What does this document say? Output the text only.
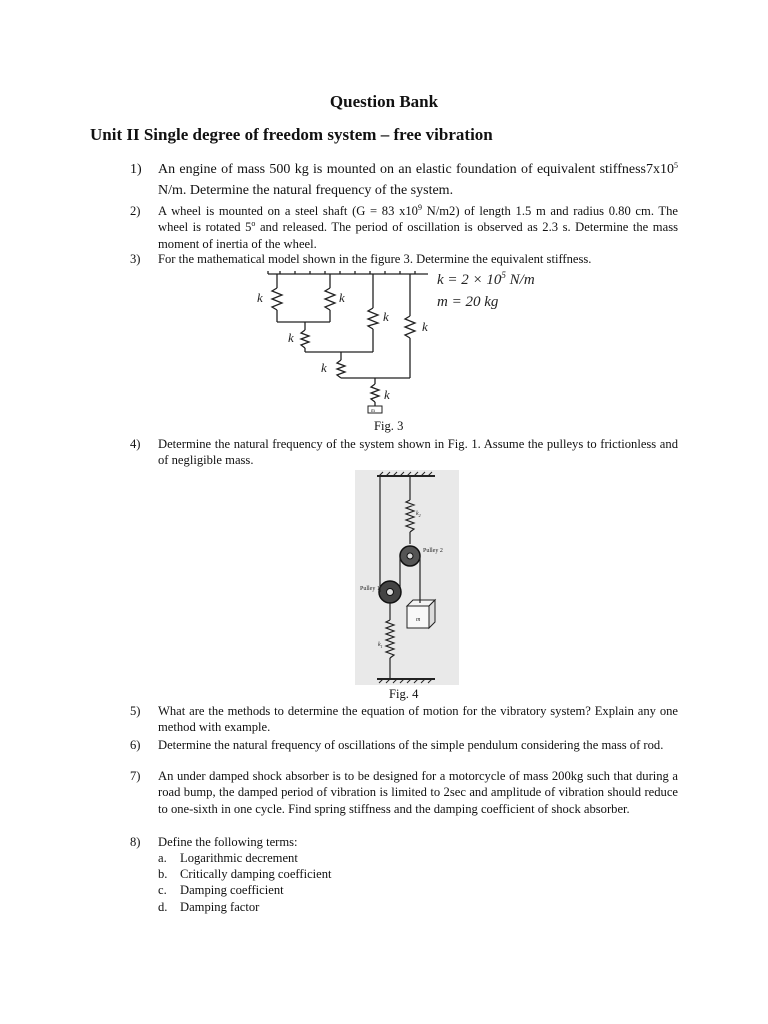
Question Bank
Unit II Single degree of freedom system – free vibration
1) An engine of mass 500 kg is mounted on an elastic foundation of equivalent $stiffness7x10^5$ N/m. Determine the natural frequency of the system.
2) A wheel is mounted on a steel shaft (G = 83 $x10^9$ N/m2) of length 1.5 m and radius 0.80 cm. The wheel is rotated 5$^o$ and released. The period of oscillation is observed as 2.3 s. Determine the mass moment of inertia of the wheel.
3) For the mathematical model shown in the figure 3. Determine the equivalent stiffness.
k	k
k
k
k
k
k
m
$k = 2 \times 10^5$ N/m
m = 20 kg
Fig. 3
4) Determine the natural frequency of the system shown in Fig. 1. Assume the pulleys to frictionless and of negligible mass.
Pulley 2
Pulley 1
$k_2$
$k_1$
m
Fig. 4
5) What are the methods to determine the equation of motion for the vibratory system? Explain any one method with example.
6) Determine the natural frequency of oscillations of the simple pendulum considering the mass of rod.
7) An under damped shock absorber is to be designed for a motorcycle of mass 200kg such that during a road bump, the damped period of vibration is limited to 2sec and amplitude of vibration should reduce to one-sixth in one cycle. Find spring stiffness and the damping coefficient of shock absorber.
8) Define the following terms:
a. Logarithmic decrement
b. Critically damping coefficient
c. Damping coefficient
d. Damping factor
